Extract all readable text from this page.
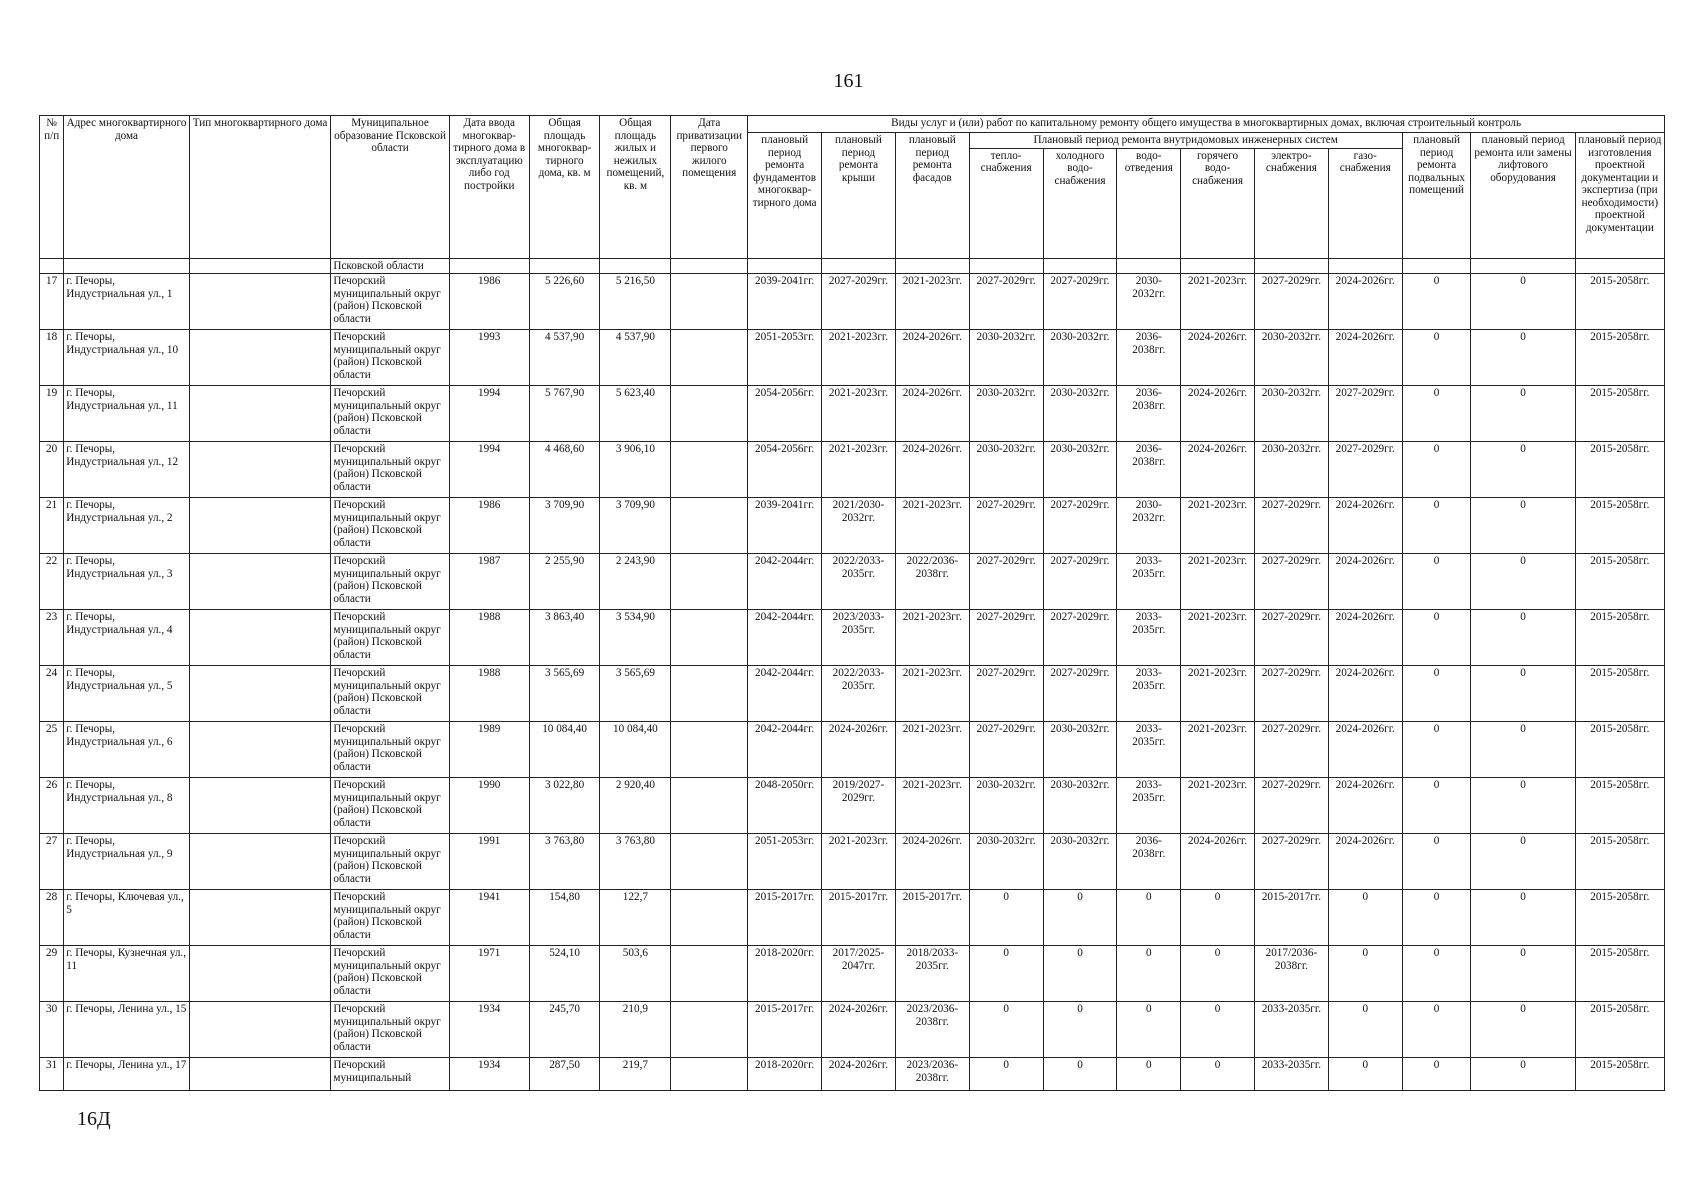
161
№ п/п	Адрес многоквартирного дома	Тип многоквартирного дома	Муниципальное образование Псковской области	Дата ввода многоквар-тирного дома в эксплуатацию либо год постройки	Общая площадь многоквар-тирного дома, кв. м	Общая площадь жилых и нежилых помещений, кв. м	Дата приватизации первого жилого помещения	Виды услуг и (или) работ по капитальному ремонту общего имущества в многоквартирных домах, включая строительный контроль											
								плановый период ремонта фундаментов многоквар-тирного дома	плановый период ремонта крыши	плановый период ремонта фасадов	Плановый период ремонта внутридомовых инженерных систем						плановый период ремонта подвальных помещений	плановый период ремонта или замены лифтового оборудования	плановый период изготовления проектной документации и экспертиза (при необходимости) проектной документации
											тепло-снабжения	холодного водо-снабжения	водо-отведения	горячего водо-снабжения	электро-снабжения	газо-снабжения			
			Псковской области																
17	г. Печоры, Индустриальная ул., 1		Печорский муниципальный округ (район) Псковской области	1986	5 226,60	5 216,50		2039-2041гг.	2027-2029гг.	2021-2023гг.	2027-2029гг.	2027-2029гг.	2030-2032гг.	2021-2023гг.	2027-2029гг.	2024-2026гг.	0	0	2015-2058гг.
18	г. Печоры, Индустриальная ул., 10		Печорский муниципальный округ (район) Псковской области	1993	4 537,90	4 537,90		2051-2053гг.	2021-2023гг.	2024-2026гг.	2030-2032гг.	2030-2032гг.	2036-2038гг.	2024-2026гг.	2030-2032гг.	2024-2026гг.	0	0	2015-2058гг.
19	г. Печоры, Индустриальная ул., 11		Печорский муниципальный округ (район) Псковской области	1994	5 767,90	5 623,40		2054-2056гг.	2021-2023гг.	2024-2026гг.	2030-2032гг.	2030-2032гг.	2036-2038гг.	2024-2026гг.	2030-2032гг.	2027-2029гг.	0	0	2015-2058гг.
20	г. Печоры, Индустриальная ул., 12		Печорский муниципальный округ (район) Псковской области	1994	4 468,60	3 906,10		2054-2056гг.	2021-2023гг.	2024-2026гг.	2030-2032гг.	2030-2032гг.	2036-2038гг.	2024-2026гг.	2030-2032гг.	2027-2029гг.	0	0	2015-2058гг.
21	г. Печоры, Индустриальная ул., 2		Печорский муниципальный округ (район) Псковской области	1986	3 709,90	3 709,90		2039-2041гг.	2021/2030-2032гг.	2021-2023гг.	2027-2029гг.	2027-2029гг.	2030-2032гг.	2021-2023гг.	2027-2029гг.	2024-2026гг.	0	0	2015-2058гг.
22	г. Печоры, Индустриальная ул., 3		Печорский муниципальный округ (район) Псковской области	1987	2 255,90	2 243,90		2042-2044гг.	2022/2033-2035гг.	2022/2036-2038гг.	2027-2029гг.	2027-2029гг.	2033-2035гг.	2021-2023гг.	2027-2029гг.	2024-2026гг.	0	0	2015-2058гг.
23	г. Печоры, Индустриальная ул., 4		Печорский муниципальный округ (район) Псковской области	1988	3 863,40	3 534,90		2042-2044гг.	2023/2033-2035гг.	2021-2023гг.	2027-2029гг.	2027-2029гг.	2033-2035гг.	2021-2023гг.	2027-2029гг.	2024-2026гг.	0	0	2015-2058гг.
24	г. Печоры, Индустриальная ул., 5		Печорский муниципальный округ (район) Псковской области	1988	3 565,69	3 565,69		2042-2044гг.	2022/2033-2035гг.	2021-2023гг.	2027-2029гг.	2027-2029гг.	2033-2035гг.	2021-2023гг.	2027-2029гг.	2024-2026гг.	0	0	2015-2058гг.
25	г. Печоры, Индустриальная ул., 6		Печорский муниципальный округ (район) Псковской области	1989	10 084,40	10 084,40		2042-2044гг.	2024-2026гг.	2021-2023гг.	2027-2029гг.	2030-2032гг.	2033-2035гг.	2021-2023гг.	2027-2029гг.	2024-2026гг.	0	0	2015-2058гг.
26	г. Печоры, Индустриальная ул., 8		Печорский муниципальный округ (район) Псковской области	1990	3 022,80	2 920,40		2048-2050гг.	2019/2027-2029гг.	2021-2023гг.	2030-2032гг.	2030-2032гг.	2033-2035гг.	2021-2023гг.	2027-2029гг.	2024-2026гг.	0	0	2015-2058гг.
27	г. Печоры, Индустриальная ул., 9		Печорский муниципальный округ (район) Псковской области	1991	3 763,80	3 763,80		2051-2053гг.	2021-2023гг.	2024-2026гг.	2030-2032гг.	2030-2032гг.	2036-2038гг.	2024-2026гг.	2027-2029гг.	2024-2026гг.	0	0	2015-2058гг.
28	г. Печоры, Ключевая ул., 5		Печорский муниципальный округ (район) Псковской области	1941	154,80	122,7		2015-2017гг.	2015-2017гг.	2015-2017гг.	0	0	0	0	2015-2017гг.	0	0	0	2015-2058гг.
29	г. Печоры, Кузнечная ул., 11		Печорский муниципальный округ (район) Псковской области	1971	524,10	503,6		2018-2020гг.	2017/2025-2047гг.	2018/2033-2035гг.	0	0	0	0	2017/2036-2038гг.	0	0	0	2015-2058гг.
30	г. Печоры, Ленина ул., 15		Печорский муниципальный округ (район) Псковской области	1934	245,70	210,9		2015-2017гг.	2024-2026гг.	2023/2036-2038гг.	0	0	0	0	2033-2035гг.	0	0	0	2015-2058гг.
31	г. Печоры, Ленина ул., 17		Печорский муниципальный	1934	287,50	219,7		2018-2020гг.	2024-2026гг.	2023/2036-2038гг.	0	0	0	0	2033-2035гг.	0	0	0	2015-2058гг.
16Д
